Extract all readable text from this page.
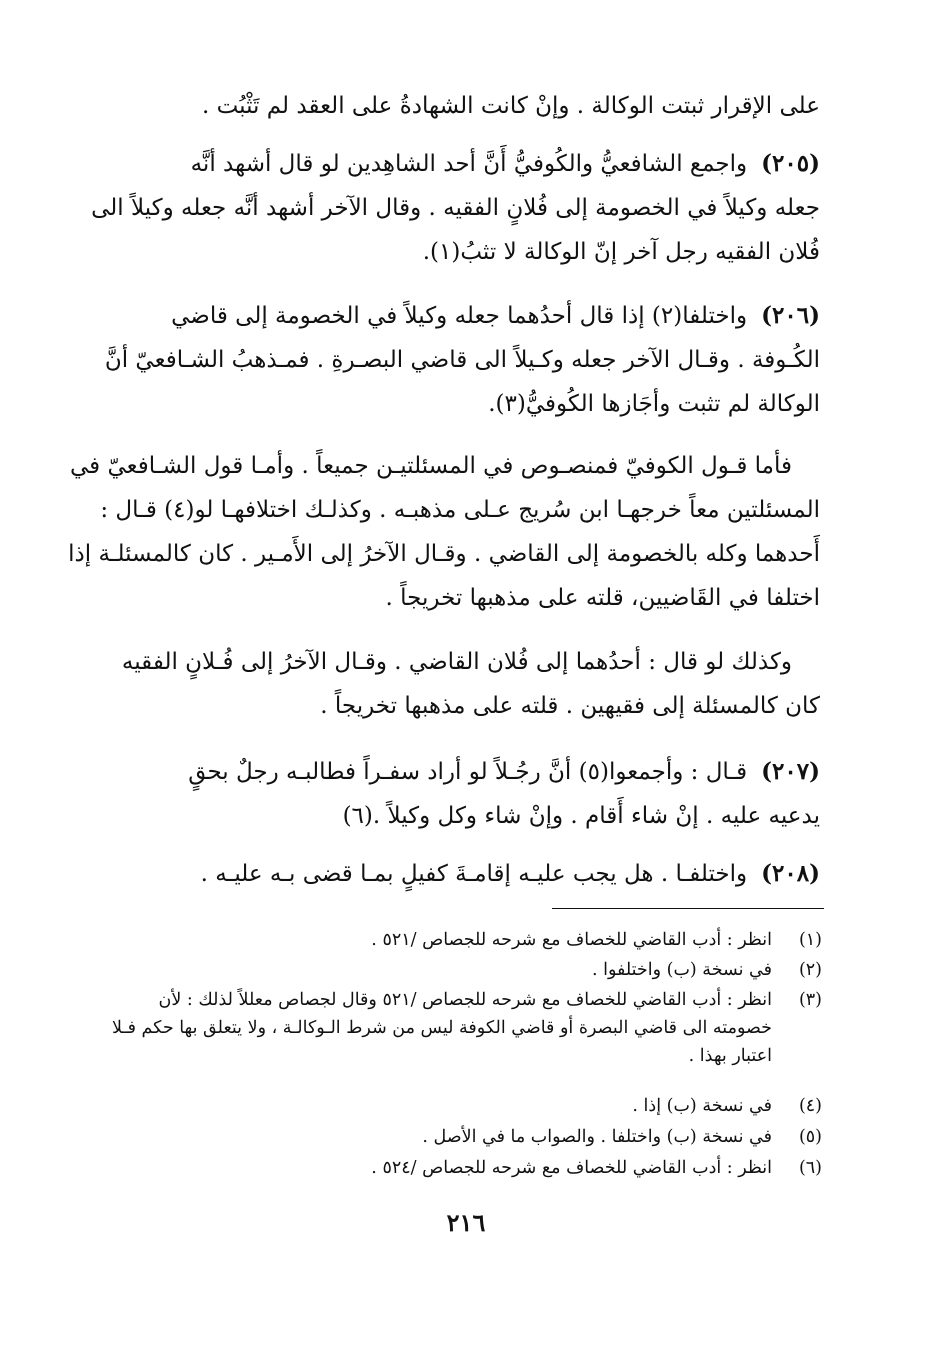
على الإقرار ثبتت الوكالة . وإنْ كانت الشهادةُ على العقد لم تَثْبُت .
(٢٠٥)واجمع الشافعيُّ والكُوفيُّ أَنَّ أحد الشاهِدين لو قال أشهد أنَّه
جعله وكيلاً في الخصومة إلى فُلانٍ الفقيه . وقال الآخر أشهد أنَّه جعله وكيلاً الى
فُلان الفقيه رجل آخر إنّ الوكالة لا تثبُ(١).
(٢٠٦)واختلفا(٢) إذا قال أحدُهما جعله وكيلاً في الخصومة إلى قاضي
الكُـوفة . وقـال الآخر جعله وكـيلاً الى قاضي البصـرةِ . فمـذهبُ الشـافعيّ أنَّ
الوكالة لم تثبت وأجَازها الكُوفيُّ(٣).
فأما قـول الكوفيّ فمنصـوص في المسئلتيـن جميعاً . وأمـا قول الشـافعيّ في
المسئلتين معاً خرجهـا ابن سُريج عـلى مذهبـه . وكذلـك اختلافهـا لو(٤) قـال :
أَحدهما وكله بالخصومة إلى القاضي . وقـال الآخرُ إلى الأَمـير . كان كالمسئلـة إذا
اختلفا في القَاضيين، قلته على مذهبها تخريجاً .
وكذلك لو قال : أحدُهما إلى فُلان القاضي . وقـال الآخرُ إلى فُـلانٍ الفقيه
كان كالمسئلة إلى فقيهين . قلته على مذهبها تخريجاً .
(٢٠٧)قـال : وأجمعوا(٥) أنَّ رجُـلاً لو أراد سفـراً فطالبـه رجلٌ بحقٍ
يدعيه عليه . إنْ شاء أَقام . وإنْ شاء وكل وكيلاً .(٦)
(٢٠٨)واختلفـا . هل يجب عليـه إقامـةَ كفيلٍ بمـا قضى بـه عليـه .
(١)
انظر : أدب القاضي للخصاف مع شرحه للجصاص /٥٢١ .
(٢)
في نسخة (ب) واختلفوا .
(٣)
انظر : أدب القاضي للخصاف مع شرحه للجصاص /٥٢١ وقال لجصاص معللاً لذلك : لأن
خصومته الى قاضي البصرة أو قاضي الكوفة ليس من شرط الـوكالـة ، ولا يتعلق بها حكم فـلا
اعتبار بهذا .
(٤)
في نسخة (ب) إذا .
(٥)
في نسخة (ب) واختلفا . والصواب ما في الأصل .
(٦)
انظر : أدب القاضي للخصاف مع شرحه للجصاص /٥٢٤ .
٢١٦
